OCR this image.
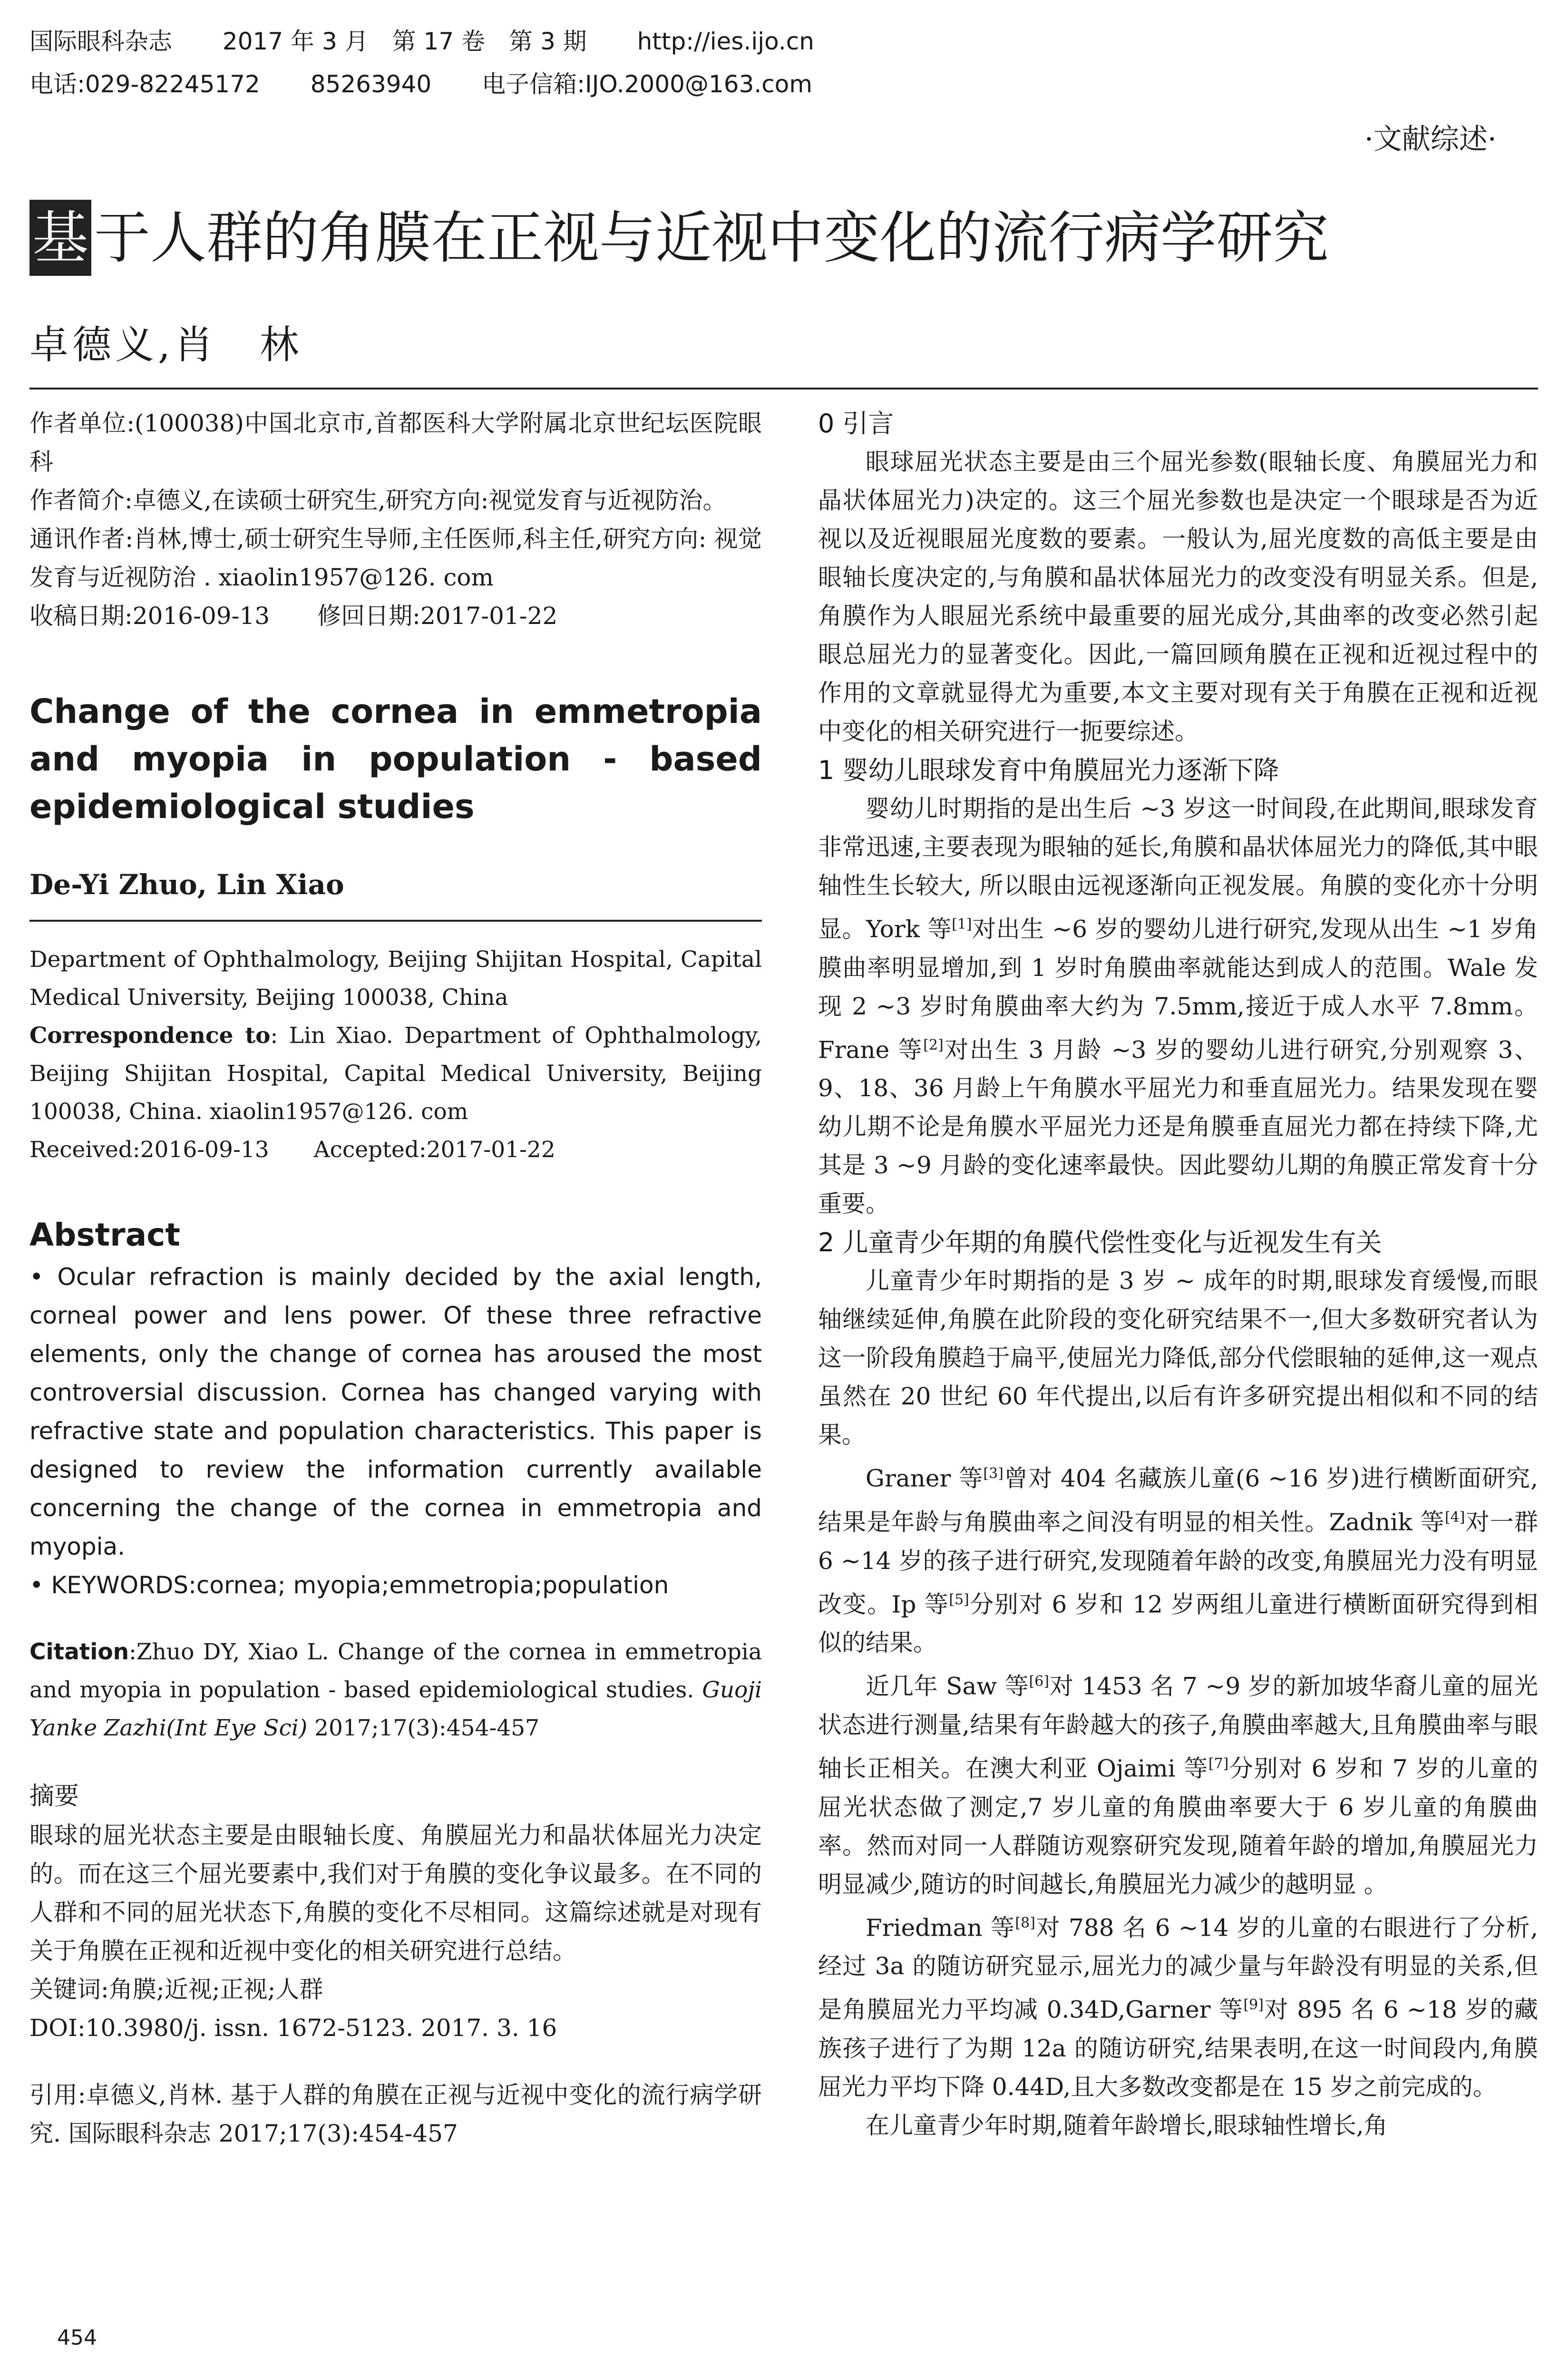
国际眼科杂志 2017 年 3 月　第 17 卷　第 3 期 http://ies.ijo.cn
电话:029-82245172 85263940 电子信箱:IJO.2000@163.com
·文献综述·
基 于人群的角膜在正视与近视中变化的流行病学研究
卓德义,肖　林

作者单位:(100038)中国北京市,首都医科大学附属北京世纪坛医院眼科

作者简介:卓德义,在读硕士研究生,研究方向:视觉发育与近视防治。

通讯作者:肖林,博士,硕士研究生导师,主任医师,科主任,研究方向: 视觉发育与近视防治 . xiaolin1957@126. com

收稿日期:2016-09-13　　修回日期:2017-01-22

Change of the cornea in emmetropia and myopia in population - based epidemiological studies

De-Yi Zhuo, Lin Xiao

Department of Ophthalmology, Beijing Shijitan Hospital, Capital Medical University, Beijing 100038, China

Correspondence to: Lin Xiao. Department of Ophthalmology, Beijing Shijitan Hospital, Capital Medical University, Beijing 100038, China. xiaolin1957@126. com

Received:2016-09-13　　Accepted:2017-01-22

Abstract

• Ocular refraction is mainly decided by the axial length, corneal power and lens power. Of these three refractive elements, only the change of cornea has aroused the most controversial discussion. Cornea has changed varying with refractive state and population characteristics. This paper is designed to review the information currently available concerning the change of the cornea in emmetropia and myopia.

• KEYWORDS:cornea; myopia;emmetropia;population

Citation:Zhuo DY, Xiao L. Change of the cornea in emmetropia and myopia in population - based epidemiological studies. Guoji Yanke Zazhi(Int Eye Sci) 2017;17(3):454-457

摘要

眼球的屈光状态主要是由眼轴长度、角膜屈光力和晶状体屈光力决定的。而在这三个屈光要素中,我们对于角膜的变化争议最多。在不同的人群和不同的屈光状态下,角膜的变化不尽相同。这篇综述就是对现有关于角膜在正视和近视中变化的相关研究进行总结。

关键词:角膜;近视;正视;人群

DOI:10.3980/j. issn. 1672-5123. 2017. 3. 16

引用:卓德义,肖林. 基于人群的角膜在正视与近视中变化的流行病学研究. 国际眼科杂志 2017;17(3):454-457

0 引言

眼球屈光状态主要是由三个屈光参数(眼轴长度、角膜屈光力和晶状体屈光力)决定的。这三个屈光参数也是决定一个眼球是否为近视以及近视眼屈光度数的要素。一般认为,屈光度数的高低主要是由眼轴长度决定的,与角膜和晶状体屈光力的改变没有明显关系。但是,角膜作为人眼屈光系统中最重要的屈光成分,其曲率的改变必然引起眼总屈光力的显著变化。因此,一篇回顾角膜在正视和近视过程中的作用的文章就显得尤为重要,本文主要对现有关于角膜在正视和近视中变化的相关研究进行一扼要综述。

1 婴幼儿眼球发育中角膜屈光力逐渐下降

婴幼儿时期指的是出生后 ~3 岁这一时间段,在此期间,眼球发育非常迅速,主要表现为眼轴的延长,角膜和晶状体屈光力的降低,其中眼轴性生长较大, 所以眼由远视逐渐向正视发展。角膜的变化亦十分明显。York 等[1]对出生 ~6 岁的婴幼儿进行研究,发现从出生 ~1 岁角膜曲率明显增加,到 1 岁时角膜曲率就能达到成人的范围。Wale 发现 2 ~3 岁时角膜曲率大约为 7.5mm,接近于成人水平 7.8mm。Frane 等[2]对出生 3 月龄 ~3 岁的婴幼儿进行研究,分别观察 3、9、18、36 月龄上午角膜水平屈光力和垂直屈光力。结果发现在婴幼儿期不论是角膜水平屈光力还是角膜垂直屈光力都在持续下降,尤其是 3 ~9 月龄的变化速率最快。因此婴幼儿期的角膜正常发育十分重要。

2 儿童青少年期的角膜代偿性变化与近视发生有关

儿童青少年时期指的是 3 岁 ~ 成年的时期,眼球发育缓慢,而眼轴继续延伸,角膜在此阶段的变化研究结果不一,但大多数研究者认为这一阶段角膜趋于扁平,使屈光力降低,部分代偿眼轴的延伸,这一观点虽然在 20 世纪 60 年代提出,以后有许多研究提出相似和不同的结果。

Graner 等[3]曾对 404 名藏族儿童(6 ~16 岁)进行横断面研究,结果是年龄与角膜曲率之间没有明显的相关性。Zadnik 等[4]对一群 6 ~14 岁的孩子进行研究,发现随着年龄的改变,角膜屈光力没有明显改变。Ip 等[5]分别对 6 岁和 12 岁两组儿童进行横断面研究得到相似的结果。

近几年 Saw 等[6]对 1453 名 7 ~9 岁的新加坡华裔儿童的屈光状态进行测量,结果有年龄越大的孩子,角膜曲率越大,且角膜曲率与眼轴长正相关。在澳大利亚 Ojaimi 等[7]分别对 6 岁和 7 岁的儿童的屈光状态做了测定,7 岁儿童的角膜曲率要大于 6 岁儿童的角膜曲率。然而对同一人群随访观察研究发现,随着年龄的增加,角膜屈光力明显减少,随访的时间越长,角膜屈光力减少的越明显 。

Friedman 等[8]对 788 名 6 ~14 岁的儿童的右眼进行了分析,经过 3a 的随访研究显示,屈光力的减少量与年龄没有明显的关系,但是角膜屈光力平均减 0.34D,Garner 等[9]对 895 名 6 ~18 岁的藏族孩子进行了为期 12a 的随访研究,结果表明,在这一时间段内,角膜屈光力平均下降 0.44D,且大多数改变都是在 15 岁之前完成的。

在儿童青少年时期,随着年龄增长,眼球轴性增长,角

454
